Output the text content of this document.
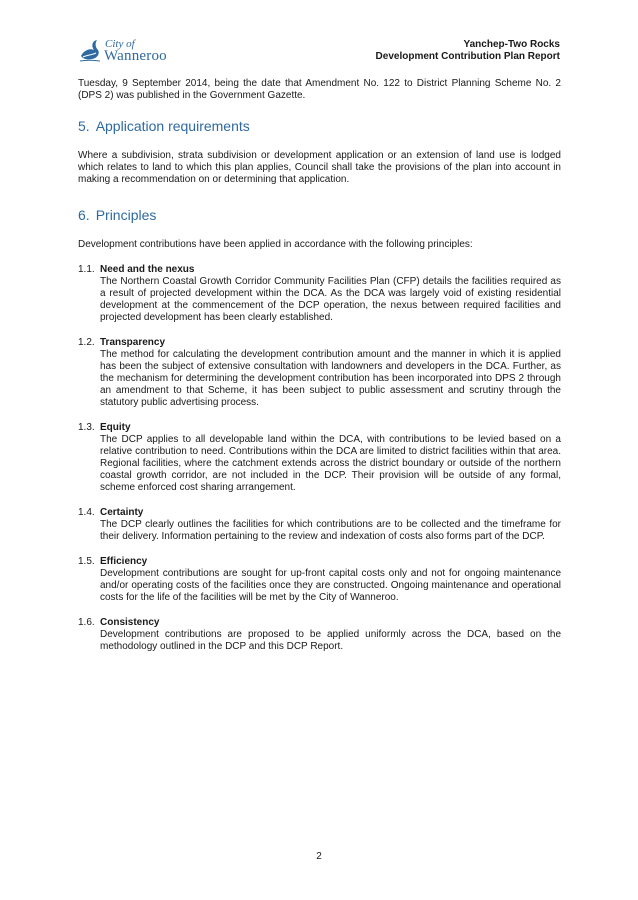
City of
Wanneroo
Yanchep-Two Rocks
Development Contribution Plan Report

Tuesday, 9 September 2014, being the date that Amendment No. 122 to District Planning Scheme No. 2 (DPS 2) was published in the Government Gazette.

5. Application requirements

Where a subdivision, strata subdivision or development application or an extension of land use is lodged which relates to land to which this plan applies, Council shall take the provisions of the plan into account in making a recommendation on or determining that application.

6. Principles

Development contributions have been applied in accordance with the following principles:

1.1. Need and the nexus

The Northern Coastal Growth Corridor Community Facilities Plan (CFP) details the facilities required as a result of projected development within the DCA. As the DCA was largely void of existing residential development at the commencement of the DCP operation, the nexus between required facilities and projected development has been clearly established.

1.2. Transparency

The method for calculating the development contribution amount and the manner in which it is applied has been the subject of extensive consultation with landowners and developers in the DCA. Further, as the mechanism for determining the development contribution has been incorporated into DPS 2 through an amendment to that Scheme, it has been subject to public assessment and scrutiny through the statutory public advertising process.

1.3. Equity

The DCP applies to all developable land within the DCA, with contributions to be levied based on a relative contribution to need. Contributions within the DCA are limited to district facilities within that area. Regional facilities, where the catchment extends across the district boundary or outside of the northern coastal growth corridor, are not included in the DCP. Their provision will be outside of any formal, scheme enforced cost sharing arrangement.

1.4. Certainty

The DCP clearly outlines the facilities for which contributions are to be collected and the timeframe for their delivery. Information pertaining to the review and indexation of costs also forms part of the DCP.

1.5. Efficiency

Development contributions are sought for up-front capital costs only and not for ongoing maintenance and/or operating costs of the facilities once they are constructed. Ongoing maintenance and operational costs for the life of the facilities will be met by the City of Wanneroo.

1.6. Consistency

Development contributions are proposed to be applied uniformly across the DCA, based on the methodology outlined in the DCP and this DCP Report.

2
